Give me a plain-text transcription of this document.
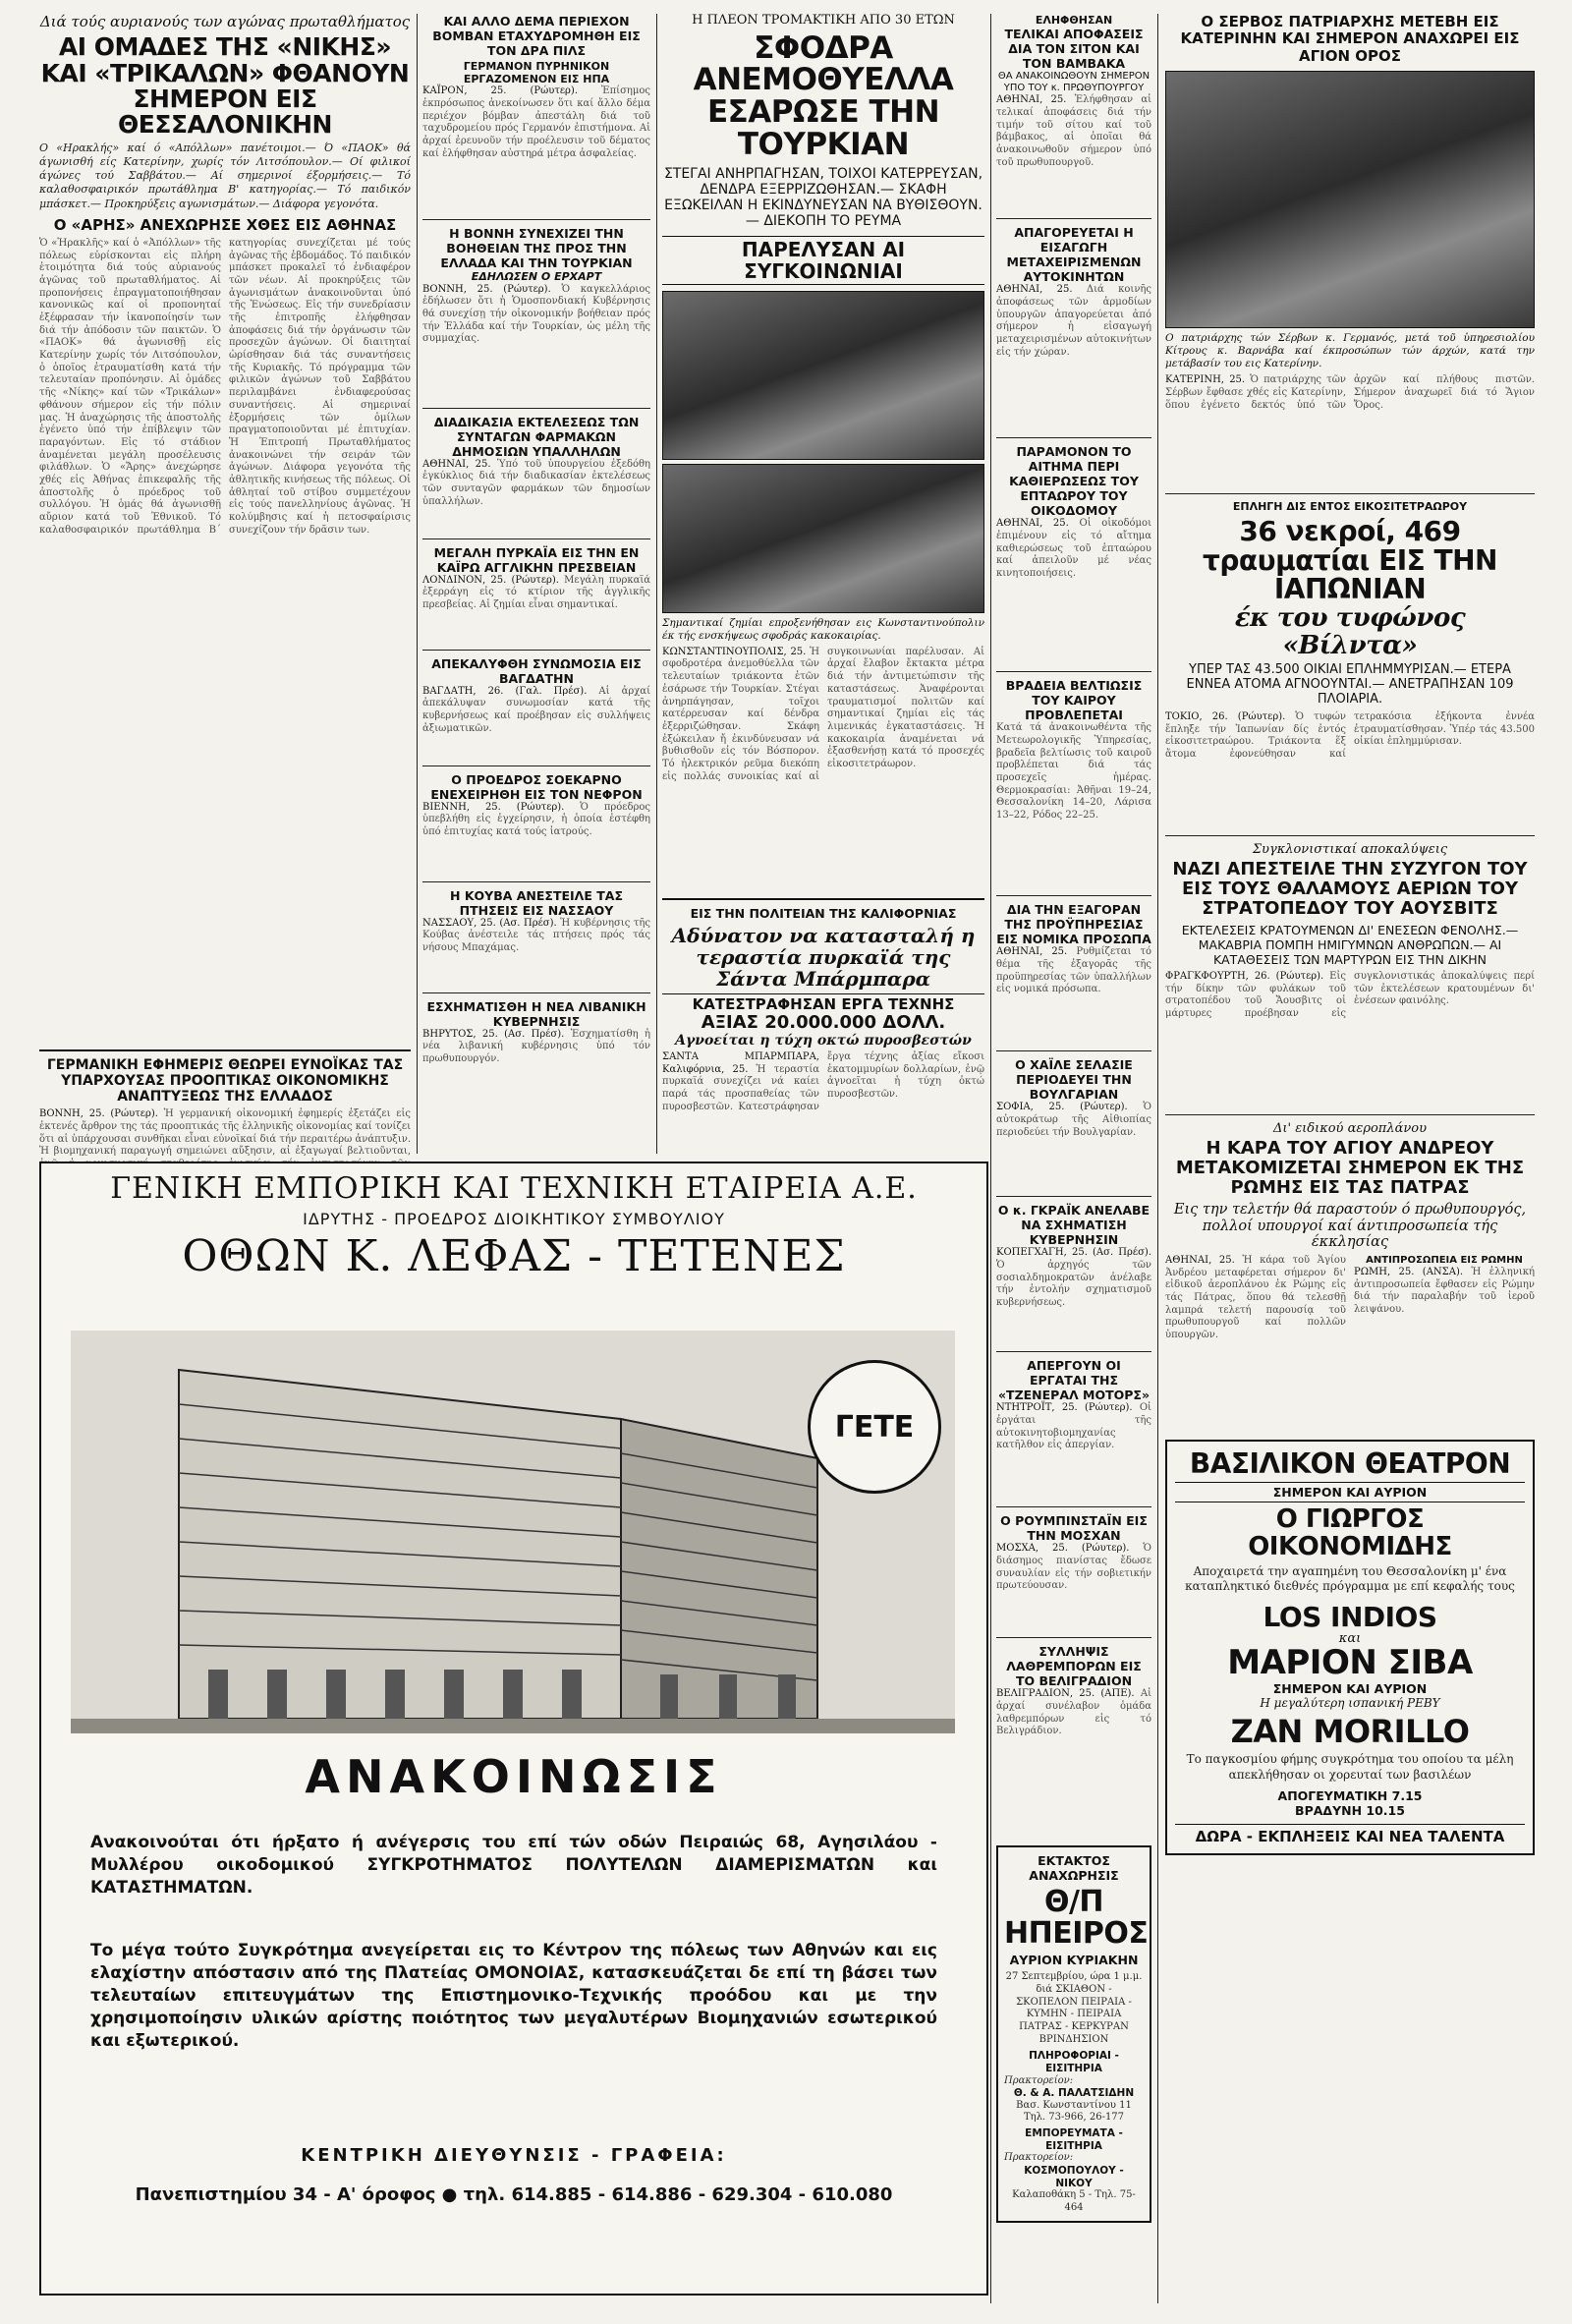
Διά τούς αυριανούς των αγώνας πρωταθλήματος
ΑΙ ΟΜΑΔΕΣ ΤΗΣ «ΝΙΚΗΣ» ΚΑΙ «ΤΡΙΚΑΛΩΝ» ΦΘΑΝΟΥΝ ΣΗΜΕΡΟΝ ΕΙΣ ΘΕΣΣΑΛΟΝΙΚΗΝ
Ο «Ηρακλής» καί ό «Απόλλων» πανέτοιμοι.— Ό «ΠΑΟΚ» θά άγωνισθή είς Κατερίνην, χωρίς τόν Λιτσόπουλον.— Οί φιλικοί άγώνες τού Σαββάτου.— Αί σημερινοί έξορμήσεις.— Τό καλαθοσφαιρικόν πρωτάθλημα Β' κατηγορίας.— Τό παιδικόν μπάσκετ.— Προκηρύξεις αγωνισμάτων.— Διάφορα γεγονότα.
Ο «ΑΡΗΣ» ΑΝΕΧΩΡΗΣΕ ΧΘΕΣ ΕΙΣ ΑΘΗΝΑΣ
Ὁ «Ἡρακλῆς» καί ὁ «Ἀπόλλων» τῆς πόλεως εὑρίσκονται εἰς πλήρη ἑτοιμότητα διά τούς αὐριανούς ἀγῶνας τοῦ πρωταθλήματος. Αἱ προπονήσεις ἐπραγματοποιήθησαν κανονικῶς καί οἱ προπονηταί ἐξέφρασαν τήν ἱκανοποίησίν των διά τήν ἀπόδοσιν τῶν παικτῶν. Ὁ «ΠΑΟΚ» θά ἀγωνισθῇ εἰς Κατερίνην χωρίς τόν Λιτσόπουλον, ὁ ὁποῖος ἐτραυματίσθη κατά τήν τελευταίαν προπόνησιν. Αἱ ὁμάδες τῆς «Νίκης» καί τῶν «Τρικάλων» φθάνουν σήμερον εἰς τήν πόλιν μας. Ἡ ἀναχώρησις τῆς ἀποστολῆς ἐγένετο ὑπό τήν ἐπίβλεψιν τῶν παραγόντων. Εἰς τό στάδιον ἀναμένεται μεγάλη προσέλευσις φιλάθλων. Ὁ «Ἄρης» ἀνεχώρησε χθές εἰς Ἀθήνας ἐπικεφαλῆς τῆς ἀποστολῆς ὁ πρόεδρος τοῦ συλλόγου. Ἡ ὁμάς θά ἀγωνισθῇ αὔριον κατά τοῦ Ἐθνικοῦ. Τό καλαθοσφαιρικόν πρωτάθλημα Β΄ κατηγορίας συνεχίζεται μέ τούς ἀγῶνας τῆς ἑβδομάδος. Τό παιδικόν μπάσκετ προκαλεῖ τό ἐνδιαφέρον τῶν νέων. Αἱ προκηρύξεις τῶν ἀγωνισμάτων ἀνακοινοῦνται ὑπό τῆς Ἐνώσεως. Εἰς τήν συνεδρίασιν τῆς ἐπιτροπῆς ἐλήφθησαν ἀποφάσεις διά τήν ὀργάνωσιν τῶν προσεχῶν ἀγώνων. Οἱ διαιτηταί ὡρίσθησαν διά τάς συναντήσεις τῆς Κυριακῆς. Τό πρόγραμμα τῶν φιλικῶν ἀγώνων τοῦ Σαββάτου περιλαμβάνει ἐνδιαφερούσας συναντήσεις. Αἱ σημεριναί ἐξορμήσεις τῶν ὁμίλων πραγματοποιοῦνται μέ ἐπιτυχίαν. Ἡ Ἐπιτροπή Πρωταθλήματος ἀνακοινώνει τήν σειράν τῶν ἀγώνων. Διάφορα γεγονότα τῆς ἀθλητικῆς κινήσεως τῆς πόλεως. Οἱ ἀθληταί τοῦ στίβου συμμετέχουν εἰς τούς πανελληνίους ἀγῶνας. Ἡ κολύμβησις καί ἡ πετοσφαίρισις συνεχίζουν τήν δρᾶσιν των.
ΓΕΡΜΑΝΙΚΗ ΕΦΗΜΕΡΙΣ ΘΕΩΡΕΙ ΕΥΝΟΪΚΑΣ ΤΑΣ ΥΠΑΡΧΟΥΣΑΣ ΠΡΟΟΠΤΙΚΑΣ ΟΙΚΟΝΟΜΙΚΗΣ ΑΝΑΠΤΥΞΕΩΣ ΤΗΣ ΕΛΛΑΔΟΣ
ΒΟΝΝΗ, 25. (Ρώυτερ). Ἡ γερμανική οἰκονομική ἐφημερίς ἐξετάζει εἰς ἐκτενές ἄρθρον της τάς προοπτικάς τῆς ἑλληνικῆς οἰκονομίας καί τονίζει ὅτι αἱ ὑπάρχουσαι συνθῆκαι εἶναι εὐνοϊκαί διά τήν περαιτέρω ἀνάπτυξιν. Ἡ βιομηχανική παραγωγή σημειώνει αὔξησιν, αἱ ἐξαγωγαί βελτιοῦνται,
ΚΑΙ ΑΛΛΟ ΔΕΜΑ ΠΕΡΙΕΧΟΝ ΒΟΜΒΑΝ ΕΤΑΧΥΔΡΟΜΗΘΗ ΕΙΣ ΤΟΝ ΔΡΑ ΠΙΛΣ
ΓΕΡΜΑΝΟΝ ΠΥΡΗΝΙΚΟΝ ΕΡΓΑΖΟΜΕΝΟΝ ΕΙΣ ΗΠΑ
ΚΑΪΡΟΝ, 25. (Ρώυτερ). Ἐπίσημος ἐκπρόσωπος ἀνεκοίνωσεν ὅτι καί ἄλλο δέμα περιέχον βόμβαν ἀπεστάλη διά τοῦ ταχυδρομείου πρός Γερμανόν ἐπιστήμονα. Αἱ ἀρχαί ἐρευνοῦν τήν προέλευσιν τοῦ δέματος καί ἐλήφθησαν αὐστηρά μέτρα ἀσφαλείας.
Η ΒΟΝΝΗ ΣΥΝΕΧΙΖΕΙ ΤΗΝ ΒΟΗΘΕΙΑΝ ΤΗΣ ΠΡΟΣ ΤΗΝ ΕΛΛΑΔΑ ΚΑΙ ΤΗΝ ΤΟΥΡΚΙΑΝ
ΕΔΗΛΩΣΕΝ Ο ΕΡΧΑΡΤ
ΒΟΝΝΗ, 25. (Ρώυτερ). Ὁ καγκελλάριος ἐδήλωσεν ὅτι ἡ Ὁμοσπονδιακή Κυβέρνησις θά συνεχίσῃ τήν οἰκονομικήν βοήθειαν πρός τήν Ἑλλάδα καί τήν Τουρκίαν, ὡς μέλη τῆς συμμαχίας.
ΔΙΑΔΙΚΑΣΙΑ ΕΚΤΕΛΕΣΕΩΣ ΤΩΝ ΣΥΝΤΑΓΩΝ ΦΑΡΜΑΚΩΝ ΔΗΜΟΣΙΩΝ ΥΠΑΛΛΗΛΩΝ
ΑΘΗΝΑΙ, 25. Ὑπό τοῦ ὑπουργείου ἐξεδόθη ἐγκύκλιος διά τήν διαδικασίαν ἐκτελέσεως τῶν συνταγῶν φαρμάκων τῶν δημοσίων ὑπαλλήλων.
ΜΕΓΑΛΗ ΠΥΡΚΑΪΑ ΕΙΣ ΤΗΝ ΕΝ ΚΑΪΡΩ ΑΓΓΛΙΚΗΝ ΠΡΕΣΒΕΙΑΝ
ΛΟΝΔΙΝΟΝ, 25. (Ρώυτερ). Μεγάλη πυρκαϊά ἐξερράγη εἰς τό κτίριον τῆς ἀγγλικῆς πρεσβείας. Αἱ ζημίαι εἶναι σημαντικαί.
ΑΠΕΚΑΛΥΦΘΗ ΣΥΝΩΜΟΣΙΑ ΕΙΣ ΒΑΓΔΑΤΗΝ
ΒΑΓΔΑΤΗ, 26. (Γαλ. Πρέσ). Αἱ ἀρχαί ἀπεκάλυψαν συνωμοσίαν κατά τῆς κυβερνήσεως καί προέβησαν εἰς συλλήψεις ἀξιωματικῶν.
Ο ΠΡΟΕΔΡΟΣ ΣΟΕΚΑΡΝΟ ΕΝΕΧΕΙΡΗΘΗ ΕΙΣ ΤΟΝ ΝΕΦΡΟΝ
ΒΙΕΝΝΗ, 25. (Ρώυτερ). Ὁ πρόεδρος ὑπεβλήθη εἰς ἐγχείρησιν, ἡ ὁποία ἐστέφθη ὑπό ἐπιτυχίας κατά τούς ἰατρούς.
Η ΚΟΥΒΑ ΑΝΕΣΤΕΙΛΕ ΤΑΣ ΠΤΗΣΕΙΣ ΕΙΣ ΝΑΣΣΑΟΥ
ΝΑΣΣΑΟΥ, 25. (Ασ. Πρέσ). Ἡ κυβέρνησις τῆς Κούβας ἀνέστειλε τάς πτήσεις πρός τάς νήσους Μπαχάμας.
ΕΣΧΗΜΑΤΙΣΘΗ Η ΝΕΑ ΛΙΒΑΝΙΚΗ ΚΥΒΕΡΝΗΣΙΣ
ΒΗΡΥΤΟΣ, 25. (Ασ. Πρέσ). Ἐσχηματίσθη ἡ νέα λιβανική κυβέρνησις ὑπό τόν πρωθυπουργόν.
Η ΠΛΕΟΝ ΤΡΟΜΑΚΤΙΚΗ ΑΠΟ 30 ΕΤΩΝ
ΣΦΟΔΡΑ ΑΝΕΜΟΘΥΕΛΛΑ ΕΣΑΡΩΣΕ ΤΗΝ ΤΟΥΡΚΙΑΝ
ΣΤΕΓΑΙ ΑΝΗΡΠΑΓΗΣΑΝ, ΤΟΙΧΟΙ ΚΑΤΕΡΡΕΥΣΑΝ, ΔΕΝΔΡΑ ΕΞΕΡΡΙΖΩΘΗΣΑΝ.— ΣΚΑΦΗ ΕΞΩΚΕΙΛΑΝ Η ΕΚΙΝΔΥΝΕΥΣΑΝ ΝΑ ΒΥΘΙΣΘΟΥΝ.— ΔΙΕΚΟΠΗ ΤΟ ΡΕΥΜΑ
ΠΑΡΕΛΥΣΑΝ ΑΙ ΣΥΓΚΟΙΝΩΝΙΑΙ
Σημαντικαί ζημίαι επροξενήθησαν εις Κωνσταντινούπολιν έκ τής ενσκήψεως σφοδράς κακοκαιρίας.
ΚΩΝΣΤΑΝΤΙΝΟΥΠΟΛΙΣ, 25. Ἡ σφοδροτέρα ἀνεμοθύελλα τῶν τελευταίων τριάκοντα ἐτῶν ἐσάρωσε τήν Τουρκίαν. Στέγαι ἀνηρπάγησαν, τοῖχοι κατέρρευσαν καί δένδρα ἐξερριζώθησαν. Σκάφη ἐξώκειλαν ἤ ἐκινδύνευσαν νά βυθισθοῦν εἰς τόν Βόσπορον. Τό ἠλεκτρικόν ρεῦμα διεκόπη εἰς πολλάς συνοικίας καί αἱ συγκοινωνίαι παρέλυσαν. Αἱ ἀρχαί ἔλαβον ἔκτακτα μέτρα διά τήν ἀντιμετώπισιν τῆς καταστάσεως. Ἀναφέρονται τραυματισμοί πολιτῶν καί σημαντικαί ζημίαι εἰς τάς λιμενικάς ἐγκαταστάσεις. Ἡ κακοκαιρία ἀναμένεται νά ἐξασθενήσῃ κατά τό προσεχές εἰκοσιτετράωρον.
ΕΙΣ ΤΗΝ ΠΟΛΙΤΕΙΑΝ ΤΗΣ ΚΑΛΙΦΟΡΝΙΑΣ
Αδύνατον να κατασταλή η τεραστία πυρκαϊά της Σάντα Μπάρμπαρα
ΚΑΤΕΣΤΡΑΦΗΣΑΝ ΕΡΓΑ ΤΕΧΝΗΣ
ΑΞΙΑΣ 20.000.000 ΔΟΛΛ.
Αγνοείται η τύχη οκτώ πυροσβεστών
ΣΑΝΤΑ ΜΠΑΡΜΠΑΡΑ, Καλιφόρνια, 25. Ἡ τεραστία πυρκαϊά συνεχίζει νά καίει παρά τάς προσπαθείας τῶν πυροσβεστῶν. Κατεστράφησαν ἔργα τέχνης ἀξίας εἴκοσι ἑκατομμυρίων δολλαρίων, ἐνῷ ἀγνοεῖται ἡ τύχη ὀκτώ πυροσβεστῶν.
ΕΛΗΦΘΗΣΑΝ
ΤΕΛΙΚΑΙ ΑΠΟΦΑΣΕΙΣ ΔΙΑ ΤΟΝ ΣΙΤΟΝ ΚΑΙ ΤΟΝ ΒΑΜΒΑΚΑ
ΘΑ ΑΝΑΚΟΙΝΩΘΟΥΝ ΣΗΜΕΡΟΝ ΥΠΟ ΤΟΥ κ. ΠΡΩΘΥΠΟΥΡΓΟΥ
ΑΘΗΝΑΙ, 25. Ἐλήφθησαν αἱ τελικαί ἀποφάσεις διά τήν τιμήν τοῦ σίτου καί τοῦ βάμβακος, αἱ ὁποῖαι θά ἀνακοινωθοῦν σήμερον ὑπό τοῦ πρωθυπουργοῦ.
ΑΠΑΓΟΡΕΥΕΤΑΙ Η ΕΙΣΑΓΩΓΗ ΜΕΤΑΧΕΙΡΙΣΜΕΝΩΝ ΑΥΤΟΚΙΝΗΤΩΝ
ΑΘΗΝΑΙ, 25. Διά κοινῆς ἀποφάσεως τῶν ἁρμοδίων ὑπουργῶν ἀπαγορεύεται ἀπό σήμερον ἡ εἰσαγωγή μεταχειρισμένων αὐτοκινήτων εἰς τήν χώραν.
ΠΑΡΑΜΟΝΟΝ ΤΟ ΑΙΤΗΜΑ ΠΕΡΙ ΚΑΘΙΕΡΩΣΕΩΣ ΤΟΥ ΕΠΤΑΩΡΟΥ ΤΟΥ ΟΙΚΟΔΟΜΟΥ
ΑΘΗΝΑΙ, 25. Οἱ οἰκοδόμοι ἐπιμένουν εἰς τό αἴτημα καθιερώσεως τοῦ ἑπταώρου καί ἀπειλοῦν μέ νέας κινητοποιήσεις.
ΒΡΑΔΕΙΑ ΒΕΛΤΙΩΣΙΣ ΤΟΥ ΚΑΙΡΟΥ ΠΡΟΒΛΕΠΕΤΑΙ
Κατά τά ἀνακοινωθέντα τῆς Μετεωρολογικῆς Ὑπηρεσίας, βραδεῖα βελτίωσις τοῦ καιροῦ προβλέπεται διά τάς προσεχεῖς ἡμέρας. Θερμοκρασίαι: Ἀθῆναι 19–24, Θεσσαλονίκη 14–20, Λάρισα 13–22, Ρόδος 22–25.
ΔΙΑ ΤΗΝ ΕΞΑΓΟΡΑΝ ΤΗΣ ΠΡΟΫΠΗΡΕΣΙΑΣ ΕΙΣ ΝΟΜΙΚΑ ΠΡΟΣΩΠΑ
ΑΘΗΝΑΙ, 25. Ρυθμίζεται τό θέμα τῆς ἐξαγορᾶς τῆς προϋπηρεσίας τῶν ὑπαλλήλων εἰς νομικά πρόσωπα.
Ο ΧΑΪΛΕ ΣΕΛΑΣΙΕ ΠΕΡΙΟΔΕΥΕΙ ΤΗΝ ΒΟΥΛΓΑΡΙΑΝ
ΣΟΦΙΑ, 25. (Ρώυτερ). Ὁ αὐτοκράτωρ τῆς Αἰθιοπίας περιοδεύει τήν Βουλγαρίαν.
Ο κ. ΓΚΡΑΪΚ ΑΝΕΛΑΒΕ ΝΑ ΣΧΗΜΑΤΙΣΗ ΚΥΒΕΡΝΗΣΙΝ
ΚΟΠΕΓΧΑΓΗ, 25. (Ασ. Πρέσ). Ὁ ἀρχηγός τῶν σοσιαλδημοκρατῶν ἀνέλαβε τήν ἐντολήν σχηματισμοῦ κυβερνήσεως.
ΑΠΕΡΓΟΥΝ ΟΙ ΕΡΓΑΤΑΙ ΤΗΣ «ΤΖΕΝΕΡΑΛ ΜΟΤΟΡΣ»
ΝΤΗΤΡΟΪΤ, 25. (Ρώυτερ). Οἱ ἐργάται τῆς αὐτοκινητοβιομηχανίας κατῆλθον εἰς ἀπεργίαν.
Ο ΡΟΥΜΠΙΝΣΤΑΪΝ ΕΙΣ ΤΗΝ ΜΟΣΧΑΝ
ΜΟΣΧΑ, 25. (Ρώυτερ). Ὁ διάσημος πιανίστας ἔδωσε συναυλίαν εἰς τήν σοβιετικήν πρωτεύουσαν.
ΣΥΛΛΗΨΙΣ ΛΑΘΡΕΜΠΟΡΩΝ ΕΙΣ ΤΟ ΒΕΛΙΓΡΑΔΙΟΝ
ΒΕΛΙΓΡΑΔΙΟΝ, 25. (ΑΠΕ). Αἱ ἀρχαί συνέλαβον ὁμάδα λαθρεμπόρων εἰς τό Βελιγράδιον.
ΕΚΤΑΚΤΟΣ ΑΝΑΧΩΡΗΣΙΣ
Θ/Π ΗΠΕΙΡΟΣ
ΑΥΡΙΟΝ ΚΥΡΙΑΚΗΝ
27 Σεπτεμβρίου, ώρα 1 μ.μ. διά ΣΚΙΑΘΟΝ - ΣΚΟΠΕΛΟΝ ΠΕΙΡΑΙΑ - ΚΥΜΗΝ - ΠΕΙΡΑΙΑ ΠΑΤΡΑΣ - ΚΕΡΚΥΡΑΝ ΒΡΙΝΔΗΣΙΟΝ
ΠΛΗΡΟΦΟΡΙΑΙ - ΕΙΣΙΤΗΡΙΑ
Πρακτορείον:
Θ. & Α. ΠΑΛΑΤΣΙΔΗΝ
Βασ. Κωνσταντίνου 11
Τηλ. 73-966, 26-177
ΕΜΠΟΡΕΥΜΑΤΑ - ΕΙΣΙΤΗΡΙΑ
Πρακτορείον:
ΚΟΣΜΟΠΟΥΛΟΥ - ΝΙΚΟΥ
Καλαποθάκη 5 - Τηλ. 75-464
Ο ΣΕΡΒΟΣ ΠΑΤΡΙΑΡΧΗΣ ΜΕΤΕΒΗ ΕΙΣ ΚΑΤΕΡΙΝΗΝ ΚΑΙ ΣΗΜΕΡΟΝ ΑΝΑΧΩΡΕΙ ΕΙΣ ΑΓΙΟΝ ΟΡΟΣ
Ο πατριάρχης τών Σέρβων κ. Γερμανός, μετά τοῦ ὑπηρεσιολίου Κίτρους κ. Βαρνάβα καί έκπροσώπων τών άρχών, κατά την μετάβασίν του εις Κατερίνην.
ΚΑΤΕΡΙΝΗ, 25. Ὁ πατριάρχης τῶν Σέρβων ἔφθασε χθές εἰς Κατερίνην, ὅπου ἐγένετο δεκτός ὑπό τῶν ἀρχῶν καί πλήθους πιστῶν. Σήμερον ἀναχωρεῖ διά τό Ἅγιον Ὄρος.
ΕΠΛΗΓΗ ΔΙΣ ΕΝΤΟΣ ΕΙΚΟΣΙΤΕΤΡΑΩΡΟΥ
36 νεκροί, 469 τραυματίαι ΕΙΣ ΤΗΝ ΙΑΠΩΝΙΑΝ
έκ του τυφώνος «Βίλντα»
ΥΠΕΡ ΤΑΣ 43.500 ΟΙΚΙΑΙ ΕΠΛΗΜΜΥΡΙΣΑΝ.— ΕΤΕΡΑ ΕΝΝΕΑ ΑΤΟΜΑ ΑΓΝΟΟΥΝΤΑΙ.— ΑΝΕΤΡΑΠΗΣΑΝ 109 ΠΛΟΙΑΡΙΑ.
ΤΟΚΙΟ, 26. (Ρώυτερ). Ὁ τυφών ἔπληξε τήν Ἰαπωνίαν δίς ἐντός εἰκοσιτετραώρου. Τριάκοντα ἕξ ἄτομα ἐφονεύθησαν καί τετρακόσια ἑξήκοντα ἐννέα ἐτραυματίσθησαν. Ὑπέρ τάς 43.500 οἰκίαι ἐπλημμύρισαν.
Συγκλονιστικαί αποκαλύψεις
ΝΑΖΙ ΑΠΕΣΤΕΙΛΕ ΤΗΝ ΣΥΖΥΓΟΝ ΤΟΥ ΕΙΣ ΤΟΥΣ ΘΑΛΑΜΟΥΣ ΑΕΡΙΩΝ ΤΟΥ ΣΤΡΑΤΟΠΕΔΟΥ ΤΟΥ ΑΟΥΣΒΙΤΣ
ΕΚΤΕΛΕΣΕΙΣ ΚΡΑΤΟΥΜΕΝΩΝ ΔΙ' ΕΝΕΣΕΩΝ ΦΕΝΟΛΗΣ.— ΜΑΚΑΒΡΙΑ ΠΟΜΠΗ ΗΜΙΓΥΜΝΩΝ ΑΝΘΡΩΠΩΝ.— ΑΙ ΚΑΤΑΘΕΣΕΙΣ ΤΩΝ ΜΑΡΤΥΡΩΝ ΕΙΣ ΤΗΝ ΔΙΚΗΝ
ΦΡΑΓΚΦΟΥΡΤΗ, 26. (Ρώυτερ). Εἰς τήν δίκην τῶν φυλάκων τοῦ στρατοπέδου τοῦ Ἄουσβιτς οἱ μάρτυρες προέβησαν εἰς συγκλονιστικάς ἀποκαλύψεις περί τῶν ἐκτελέσεων κρατουμένων δι' ἐνέσεων φαινόλης.
Δι' ειδικού αεροπλάνου
Η ΚΑΡΑ ΤΟΥ ΑΓΙΟΥ ΑΝΔΡΕΟΥ ΜΕΤΑΚΟΜΙΖΕΤΑΙ ΣΗΜΕΡΟΝ ΕΚ ΤΗΣ ΡΩΜΗΣ ΕΙΣ ΤΑΣ ΠΑΤΡΑΣ
Εις την τελετήν θά παραστούν ό πρωθυπουργός, πολλοί υπουργοί καί άντιπροσωπεία τής έκκλησίας
ΑΘΗΝΑΙ, 25. Ἡ κάρα τοῦ Ἁγίου Ἀνδρέου μεταφέρεται σήμερον δι' εἰδικοῦ ἀεροπλάνου ἐκ Ρώμης εἰς τάς Πάτρας, ὅπου θά τελεσθῇ λαμπρά τελετή παρουσίᾳ τοῦ πρωθυπουργοῦ καί πολλῶν ὑπουργῶν.
ΑΝΤΙΠΡΟΣΩΠΕΙΑ ΕΙΣ ΡΩΜΗΝ
ΡΩΜΗ, 25. (ΑΝΣΑ). Ἡ ἑλληνική ἀντιπροσωπεία ἔφθασεν εἰς Ρώμην διά τήν παραλαβήν τοῦ ἱεροῦ λειψάνου.
ΒΑΣΙΛΙΚΟΝ ΘΕΑΤΡΟΝ
ΣΗΜΕΡΟΝ ΚΑΙ ΑΥΡΙΟΝ
Ο ΓΙΩΡΓΟΣ ΟΙΚΟΝΟΜΙΔΗΣ
Αποχαιρετά την αγαπημένη του Θεσσαλονίκη μ' ένα καταπληκτικό διεθνές πρόγραμμα με επί κεφαλής τους
LOS INDIOS
και
ΜΑΡΙΟΝ ΣΙΒΑ
ΣΗΜΕΡΟΝ ΚΑΙ ΑΥΡΙΟΝ
Η μεγαλύτερη ισπανική ΡΕΒΥ
ΖΑΝ MORILLO
Το παγκοσμίου φήμης συγκρότημα του οποίου τα μέλη απεκλήθησαν οι χορευταί των βασιλέων
ΑΠΟΓΕΥΜΑΤΙΚΗ 7.15
ΒΡΑΔΥΝΗ 10.15
ΔΩΡΑ - ΕΚΠΛΗΞΕΙΣ ΚΑΙ ΝΕΑ ΤΑΛΕΝΤΑ
ΓΕΝΙΚΗ ΕΜΠΟΡΙΚΗ ΚΑΙ ΤΕΧΝΙΚΗ ΕΤΑΙΡΕΙΑ Α.Ε.
ΙΔΡΥΤΗΣ - ΠΡΟΕΔΡΟΣ ΔΙΟΙΚΗΤΙΚΟΥ ΣΥΜΒΟΥΛΙΟΥ
ΟΘΩΝ Κ. ΛΕΦΑΣ - ΤΕΤΕΝΕΣ
ΓΕΤΕ
ΑΝΑΚΟΙΝΩΣΙΣ
Ανακοινούται ότι ήρξατο ή ανέγερσις του επί τών οδών Πειραιώς 68, Αγησιλάου - Μυλλέρου οικοδομικού ΣΥΓΚΡΟΤΗΜΑΤΟΣ ΠΟΛΥΤΕΛΩΝ ΔΙΑΜΕΡΙΣΜΑΤΩΝ και ΚΑΤΑΣΤΗΜΑΤΩΝ.
Το μέγα τούτο Συγκρότημα ανεγείρεται εις το Κέντρον της πόλεως των Αθηνών και εις ελαχίστην απόστασιν από της Πλατείας ΟΜΟΝΟΙΑΣ, κατασκευάζεται δε επί τη βάσει των τελευταίων επιτευγμάτων της Επιστημονικο-Τεχνικής προόδου και με την χρησιμοποίησιν υλικών αρίστης ποιότητος των μεγαλυτέρων Βιομηχανιών εσωτερικού και εξωτερικού.
ΚΕΝΤΡΙΚΗ ΔΙΕΥΘΥΝΣΙΣ - ΓΡΑΦΕΙΑ:
Πανεπιστημίου 34 - Α' όροφος ● τηλ. 614.885 - 614.886 - 629.304 - 610.080
